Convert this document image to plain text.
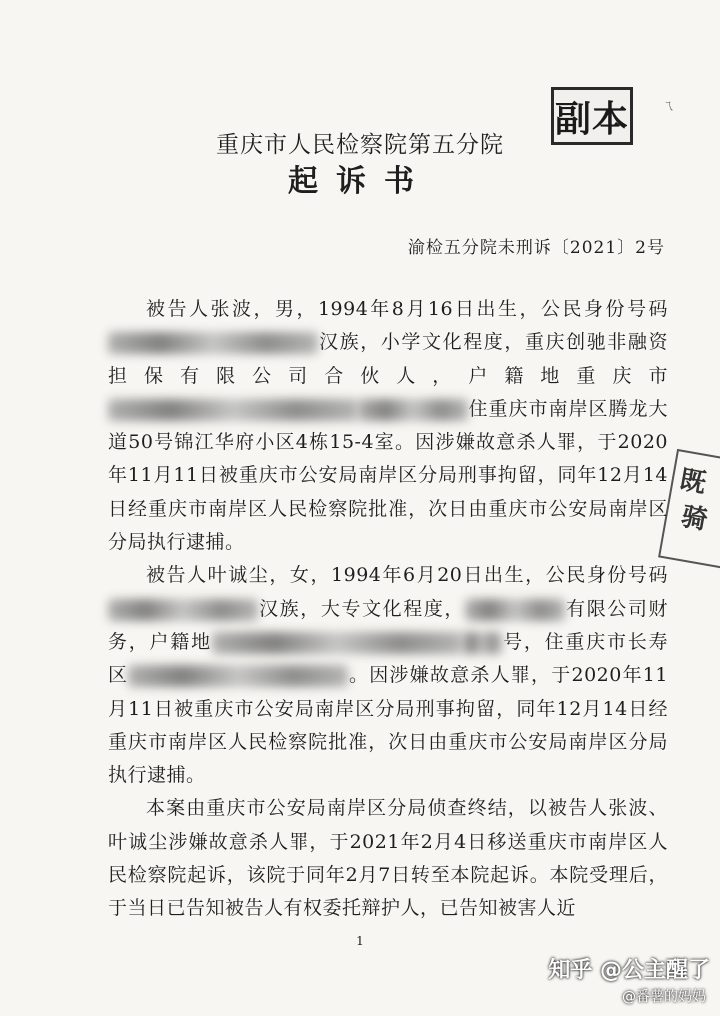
副本	ㄟ
既
骑
重庆市人民检察院第五分院
起诉书
渝检五分院未刑诉〔2021〕2号

被告人张波，男，1994年8月16日出生，公民身份号码汉族，小学文化程度，重庆创驰非融资担保有限公司合伙人，户籍地重庆市住重庆市南岸区腾龙大道50号锦江华府小区4栋15-4室。因涉嫌故意杀人罪，于2020年11月11日被重庆市公安局南岸区分局刑事拘留，同年12月14日经重庆市南岸区人民检察院批准，次日由重庆市公安局南岸区分局执行逮捕。

被告人叶诚尘，女，1994年6月20日出生，公民身份号码汉族，大专文化程度，	有限公司财务，户籍地	号，住重庆市长寿区	。因涉嫌故意杀人罪，于2020年11月11日被重庆市公安局南岸区分局刑事拘留，同年12月14日经重庆市南岸区人民检察院批准，次日由重庆市公安局南岸区分局执行逮捕。

本案由重庆市公安局南岸区分局侦查终结，以被告人张波、叶诚尘涉嫌故意杀人罪，于2021年2月4日移送重庆市南岸区人民检察院起诉，该院于同年2月7日转至本院起诉。本院受理后，于当日已告知被告人有权委托辩护人，已告知被害人近

1
知乎 @公主醒了
@番薯的妈妈
